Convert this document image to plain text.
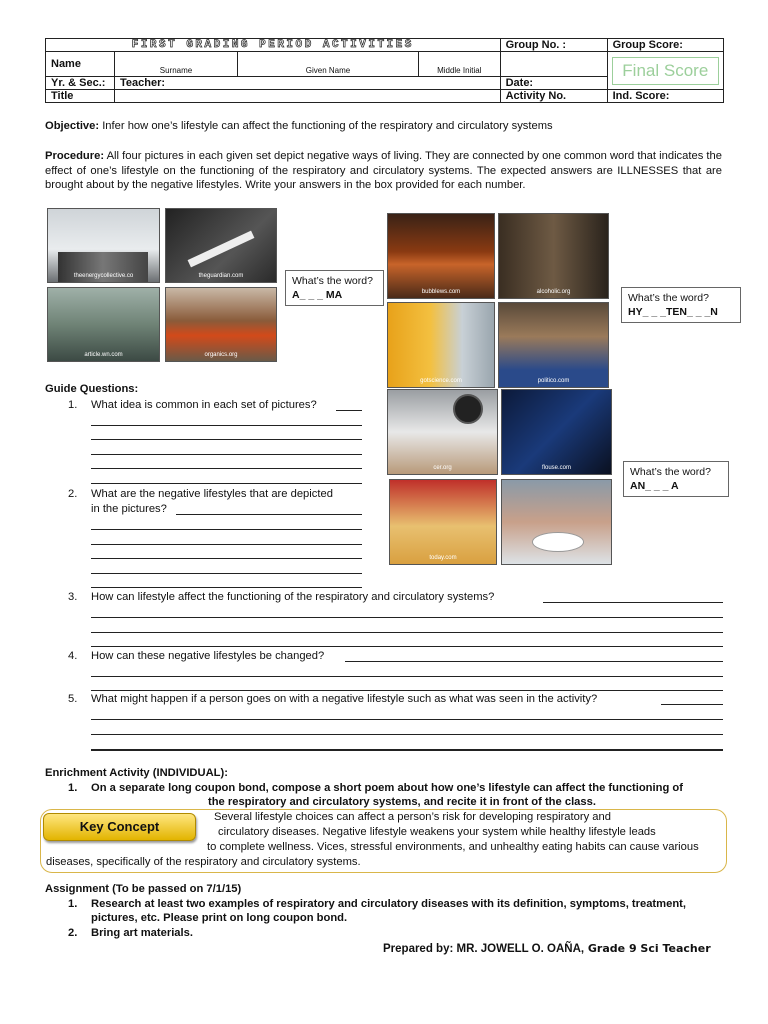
FIRST GRADING PERIOD ACTIVITIES				Group No. :	Group Score:
Name					Final Score

	Surname	Given Name	Middle Initial		
Yr. & Sec.:	Teacher:			Date:	
Title				Activity No.	Ind. Score:
Objective: Infer how one’s lifestyle can affect the functioning of the respiratory and circulatory systems
Procedure: All four pictures in each given set depict negative ways of living. They are connected by one common word that indicates the effect of one’s lifestyle on the functioning of the respiratory and circulatory systems. The expected answers are ILLNESSES that are brought about by the negative lifestyles. Write your answers in the box provided for each number.
theenergycollective.co	theguardian.com
article.wn.com	organics.org
What’s the word?
A_ _ _ MA	bubblews.com	alcoholic.org
gotscience.com	politico.com
What’s the word?
HY_ _ _TEN_ _ _N
cer.org	flouse.com
today.com
What’s the word?
AN_ _ _ A
Guide Questions:
1. What idea is common in each set of pictures?
2. What are the negative lifestyles that are depicted
in the pictures?
3. How can lifestyle affect the functioning of the respiratory and circulatory systems?
4. How can these negative lifestyles be changed?
5. What might happen if a person goes on with a negative lifestyle such as what was seen in the activity?
Enrichment Activity (INDIVIDUAL):
1. On a separate long coupon bond, compose a short poem about how one’s lifestyle can affect the functioning of
the respiratory and circulatory systems, and recite it in front of the class.
Key Concept
Several lifestyle choices can affect a person’s risk for developing respiratory and
circulatory diseases. Negative lifestyle weakens your system while healthy lifestyle leads
to complete wellness. Vices, stressful environments, and unhealthy eating habits can cause various
diseases, specifically of the respiratory and circulatory systems.
Assignment (To be passed on 7/1/15)
1. Research at least two examples of respiratory and circulatory diseases with its definition, symptoms, treatment,
pictures, etc. Please print on long coupon bond.
2. Bring art materials.
Prepared by: MR. JOWELL O. OAÑA, Grade 9 Sci Teacher
